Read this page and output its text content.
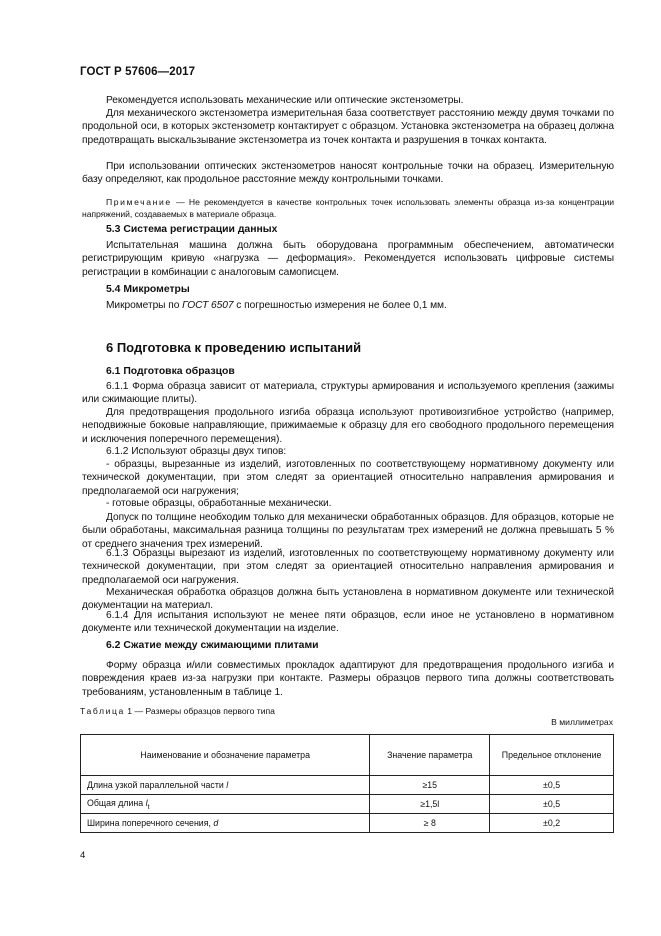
ГОСТ Р 57606—2017
Рекомендуется использовать механические или оптические экстензометры.
Для механического экстензометра измерительная база соответствует расстоянию между двумя точками по продольной оси, в которых экстензометр контактирует с образцом. Установка экстензометра на образец должна предотвращать выскальзывание экстензометра из точек контакта и разрушения в точках контакта.
При использовании оптических экстензометров наносят контрольные точки на образец. Измерительную базу определяют, как продольное расстояние между контрольными точками.
Примечание — Не рекомендуется в качестве контрольных точек использовать элементы образца из-за концентрации напряжений, создаваемых в материале образца.
5.3 Система регистрации данных
Испытательная машина должна быть оборудована программным обеспечением, автоматически регистрирующим кривую «нагрузка — деформация». Рекомендуется использовать цифровые системы регистрации в комбинации с аналоговым самописцем.
5.4 Микрометры
Микрометры по ГОСТ 6507 с погрешностью измерения не более 0,1 мм.
6 Подготовка к проведению испытаний
6.1 Подготовка образцов
6.1.1 Форма образца зависит от материала, структуры армирования и используемого крепления (зажимы или сжимающие плиты).
Для предотвращения продольного изгиба образца используют противоизгибное устройство (например, неподвижные боковые направляющие, прижимаемые к образцу для его свободного продольного перемещения и исключения поперечного перемещения).
6.1.2 Используют образцы двух типов:
- образцы, вырезанные из изделий, изготовленных по соответствующему нормативному документу или технической документации, при этом следят за ориентацией относительно направления армирования и предполагаемой оси нагружения;
- готовые образцы, обработанные механически.
Допуск по толщине необходим только для механически обработанных образцов. Для образцов, которые не были обработаны, максимальная разница толщины по результатам трех измерений не должна превышать 5 % от среднего значения трех измерений.
6.1.3 Образцы вырезают из изделий, изготовленных по соответствующему нормативному документу или технической документации, при этом следят за ориентацией относительно направления армирования и предполагаемой оси нагружения.
Механическая обработка образцов должна быть установлена в нормативном документе или технической документации на материал.
6.1.4 Для испытания используют не менее пяти образцов, если иное не установлено в нормативном документе или технической документации на изделие.
6.2 Сжатие между сжимающими плитами
Форму образца и/или совместимых прокладок адаптируют для предотвращения продольного изгиба и повреждения краев из-за нагрузки при контакте. Размеры образцов первого типа должны соответствовать требованиям, установленным в таблице 1.
Таблица 1 — Размеры образцов первого типа
В миллиметрах
Наименование и обозначение параметра	Значение параметра	Предельное отклонение
Длина узкой параллельной части l	≥15	±0,5
Общая длина $l_t$	≥1,5l	±0,5
Ширина поперечного сечения, d	≥ 8	±0,2
4
